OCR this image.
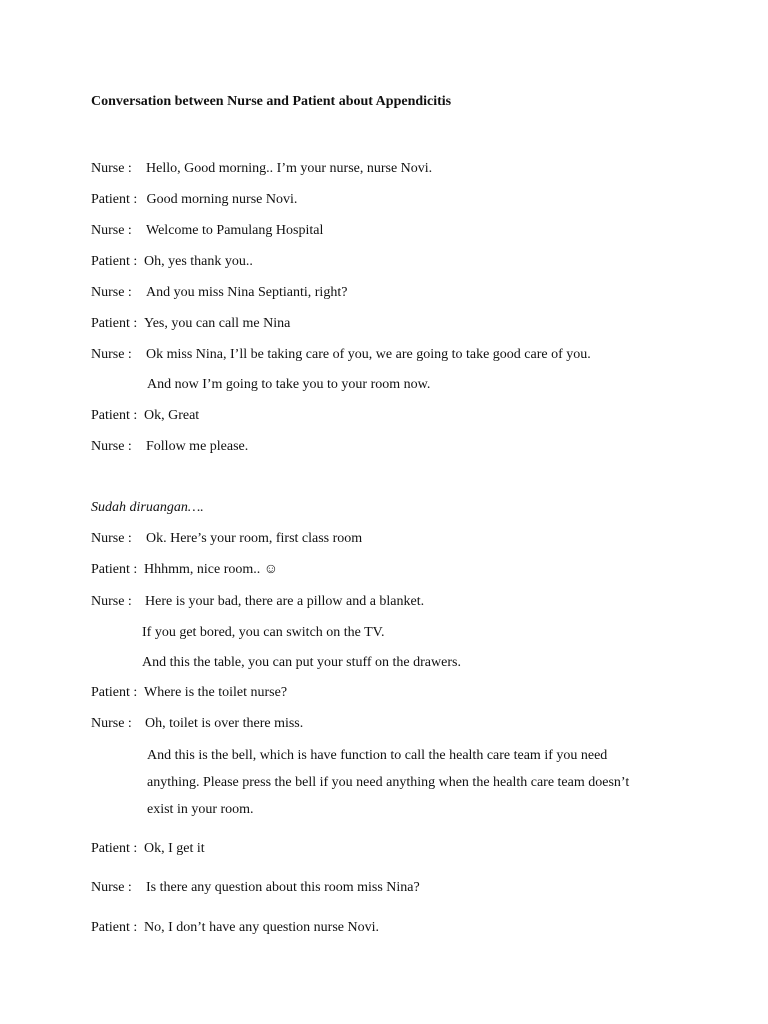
Conversation between Nurse and Patient about Appendicitis
Nurse : Hello, Good morning.. I’m your nurse, nurse Novi.
Patient : Good morning nurse Novi.
Nurse : Welcome to Pamulang Hospital
Patient : Oh, yes thank you..
Nurse : And you miss Nina Septianti, right?
Patient : Yes, you can call me Nina
Nurse : Ok miss Nina, I’ll be taking care of you, we are going to take good care of you.
And now I’m going to take you to your room now.
Patient : Ok, Great
Nurse : Follow me please.
Sudah diruangan….
Nurse : Ok. Here’s your room, first class room
Patient : Hhhmm, nice room.. ☺
Nurse : Here is your bad, there are a pillow and a blanket.
If you get bored, you can switch on the TV.
And this the table, you can put your stuff on the drawers.
Patient : Where is the toilet nurse?
Nurse : Oh, toilet is over there miss.
And this is the bell, which is have function to call the health care team if you need
anything. Please press the bell if you need anything when the health care team doesn’t
exist in your room.
Patient : Ok, I get it
Nurse : Is there any question about this room miss Nina?
Patient : No, I don’t have any question nurse Novi.
